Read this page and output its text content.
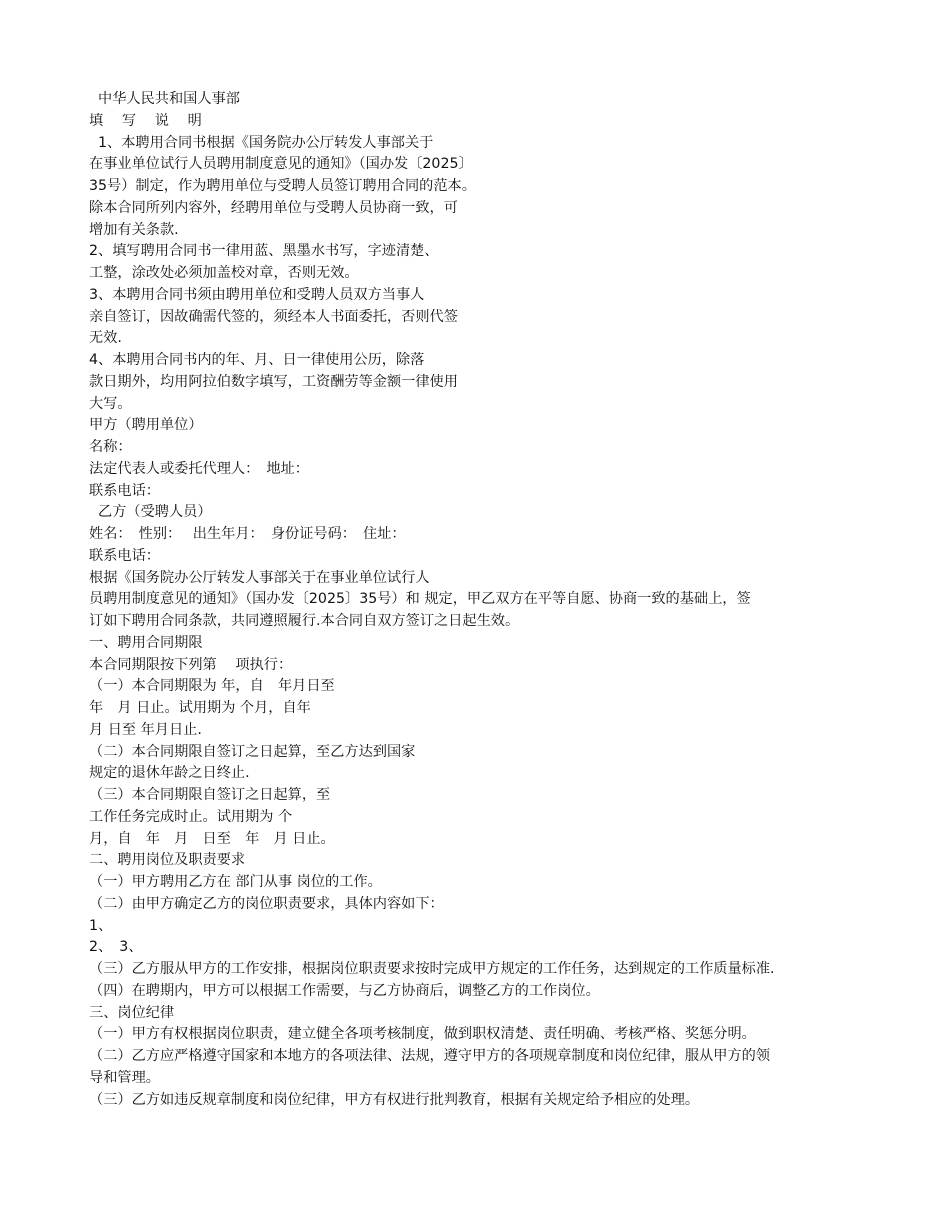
中华人民共和国人事部
填　 写　 说　 明
1、本聘用合同书根据《国务院办公厅转发人事部关于
在事业单位试行人员聘用制度意见的通知》（国办发〔2025〕
35号）制定，作为聘用单位与受聘人员签订聘用合同的范本。
除本合同所列内容外，经聘用单位与受聘人员协商一致，可
增加有关条款.
2、填写聘用合同书一律用蓝、黑墨水书写，字迹清楚、
工整，涂改处必须加盖校对章，否则无效。
3、本聘用合同书须由聘用单位和受聘人员双方当事人
亲自签订，因故确需代签的，须经本人书面委托，否则代签
无效.
4、本聘用合同书内的年、月、日一律使用公历，除落
款日期外，均用阿拉伯数字填写，工资酬劳等金额一律使用
大写。
甲方（聘用单位）
名称：
法定代表人或委托代理人：　地址：
联系电话：
乙方（受聘人员）
姓名：　性别：　 出生年月：　身份证号码：　住址：
联系电话：
根据《国务院办公厅转发人事部关于在事业单位试行人
员聘用制度意见的通知》（国办发〔2025〕35号）和 规定，甲乙双方在平等自愿、协商一致的基础上，签
订如下聘用合同条款，共同遵照履行.本合同自双方签订之日起生效。
一、聘用合同期限
本合同期限按下列第　 项执行：
（一）本合同期限为 年，自　年月日至
年　月 日止。试用期为 个月，自年
月 日至 年月日止.
（二）本合同期限自签订之日起算，至乙方达到国家
规定的退休年龄之日终止.
（三）本合同期限自签订之日起算，至
工作任务完成时止。试用期为 个
月，自　年　月　日至　年　月 日止。
二、聘用岗位及职责要求
（一）甲方聘用乙方在 部门从事 岗位的工作。
（二）由甲方确定乙方的岗位职责要求，具体内容如下：
1、
2、　3、
（三）乙方服从甲方的工作安排，根据岗位职责要求按时完成甲方规定的工作任务，达到规定的工作质量标准.
（四）在聘期内，甲方可以根据工作需要，与乙方协商后，调整乙方的工作岗位。
三、岗位纪律
（一）甲方有权根据岗位职责，建立健全各项考核制度，做到职权清楚、责任明确、考核严格、奖惩分明。
（二）乙方应严格遵守国家和本地方的各项法律、法规，遵守甲方的各项规章制度和岗位纪律，服从甲方的领
导和管理。
（三）乙方如违反规章制度和岗位纪律，甲方有权进行批判教育，根据有关规定给予相应的处理。
